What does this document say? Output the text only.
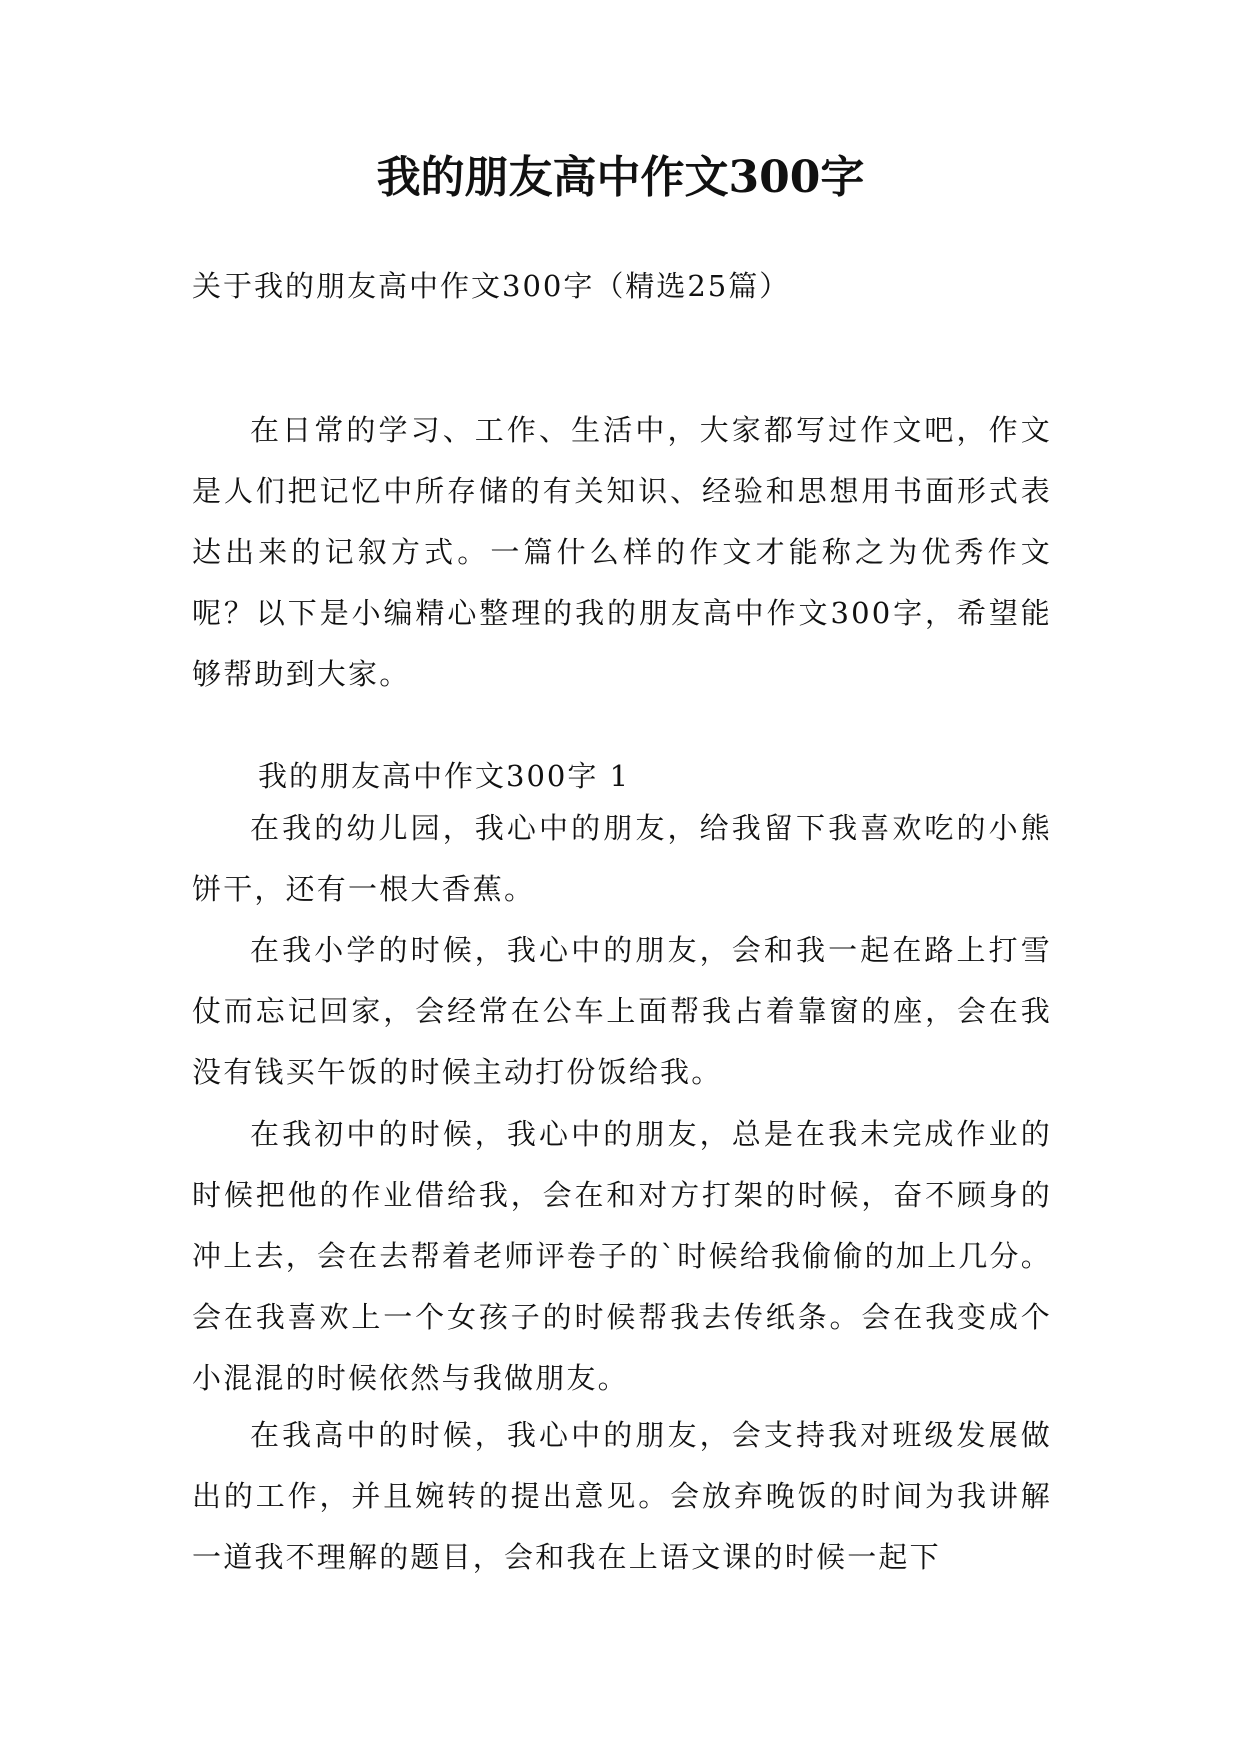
我的朋友高中作文300字

关于我的朋友高中作文300字（精选25篇）

在日常的学习、工作、生活中，大家都写过作文吧，作文是人们把记忆中所存储的有关知识、经验和思想用书面形式表达出来的记叙方式。一篇什么样的作文才能称之为优秀作文呢？以下是小编精心整理的我的朋友高中作文300字，希望能够帮助到大家。

我的朋友高中作文300字 1

在我的幼儿园，我心中的朋友，给我留下我喜欢吃的小熊饼干，还有一根大香蕉。

在我小学的时候，我心中的朋友，会和我一起在路上打雪仗而忘记回家，会经常在公车上面帮我占着靠窗的座，会在我没有钱买午饭的时候主动打份饭给我。

在我初中的时候，我心中的朋友，总是在我未完成作业的时候把他的作业借给我，会在和对方打架的时候，奋不顾身的冲上去，会在去帮着老师评卷子的`时候给我偷偷的加上几分。会在我喜欢上一个女孩子的时候帮我去传纸条。会在我变成个小混混的时候依然与我做朋友。

在我高中的时候，我心中的朋友，会支持我对班级发展做出的工作，并且婉转的提出意见。会放弃晚饭的时间为我讲解一道我不理解的题目，会和我在上语文课的时候一起下
